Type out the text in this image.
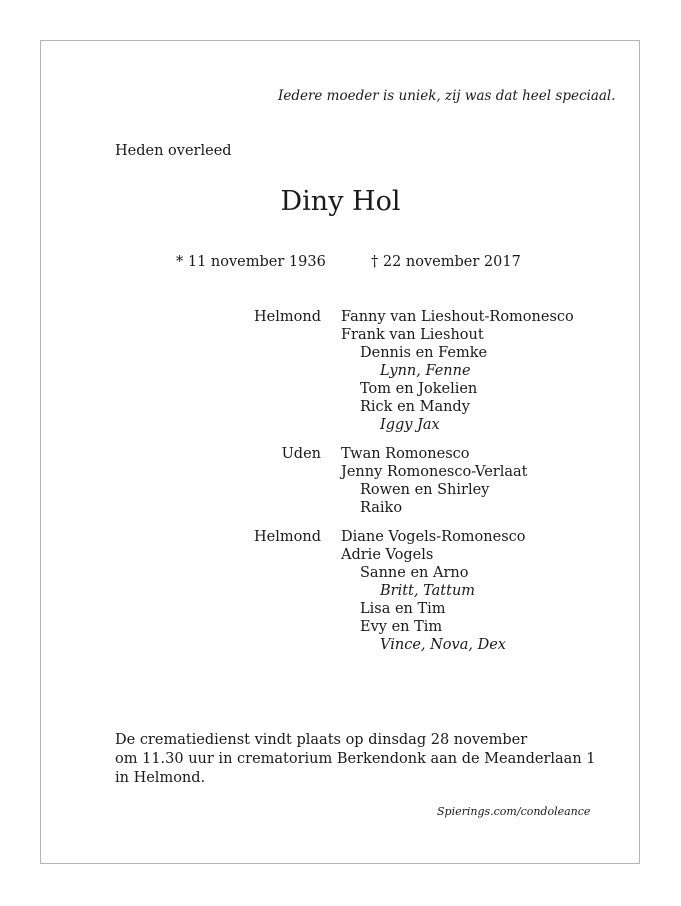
Iedere moeder is uniek, zij was dat heel speciaal.
Heden overleed
Diny Hol
* 11 november 1936	† 22 november 2017
Helmond	Fanny van Lieshout-Romonesco
Frank van Lieshout
Dennis en Femke
Lynn, Fenne
Tom en Jokelien
Rick en Mandy
Iggy Jax
Uden	Twan Romonesco
Jenny Romonesco-Verlaat
Rowen en Shirley
Raiko
Helmond	Diane Vogels-Romonesco
Adrie Vogels
Sanne en Arno
Britt, Tattum
Lisa en Tim
Evy en Tim
Vince, Nova, Dex
De crematiedienst vindt plaats op dinsdag 28 november
om 11.30 uur in crematorium Berkendonk aan de Meanderlaan 1
in Helmond.
Spierings.com/condoleance
